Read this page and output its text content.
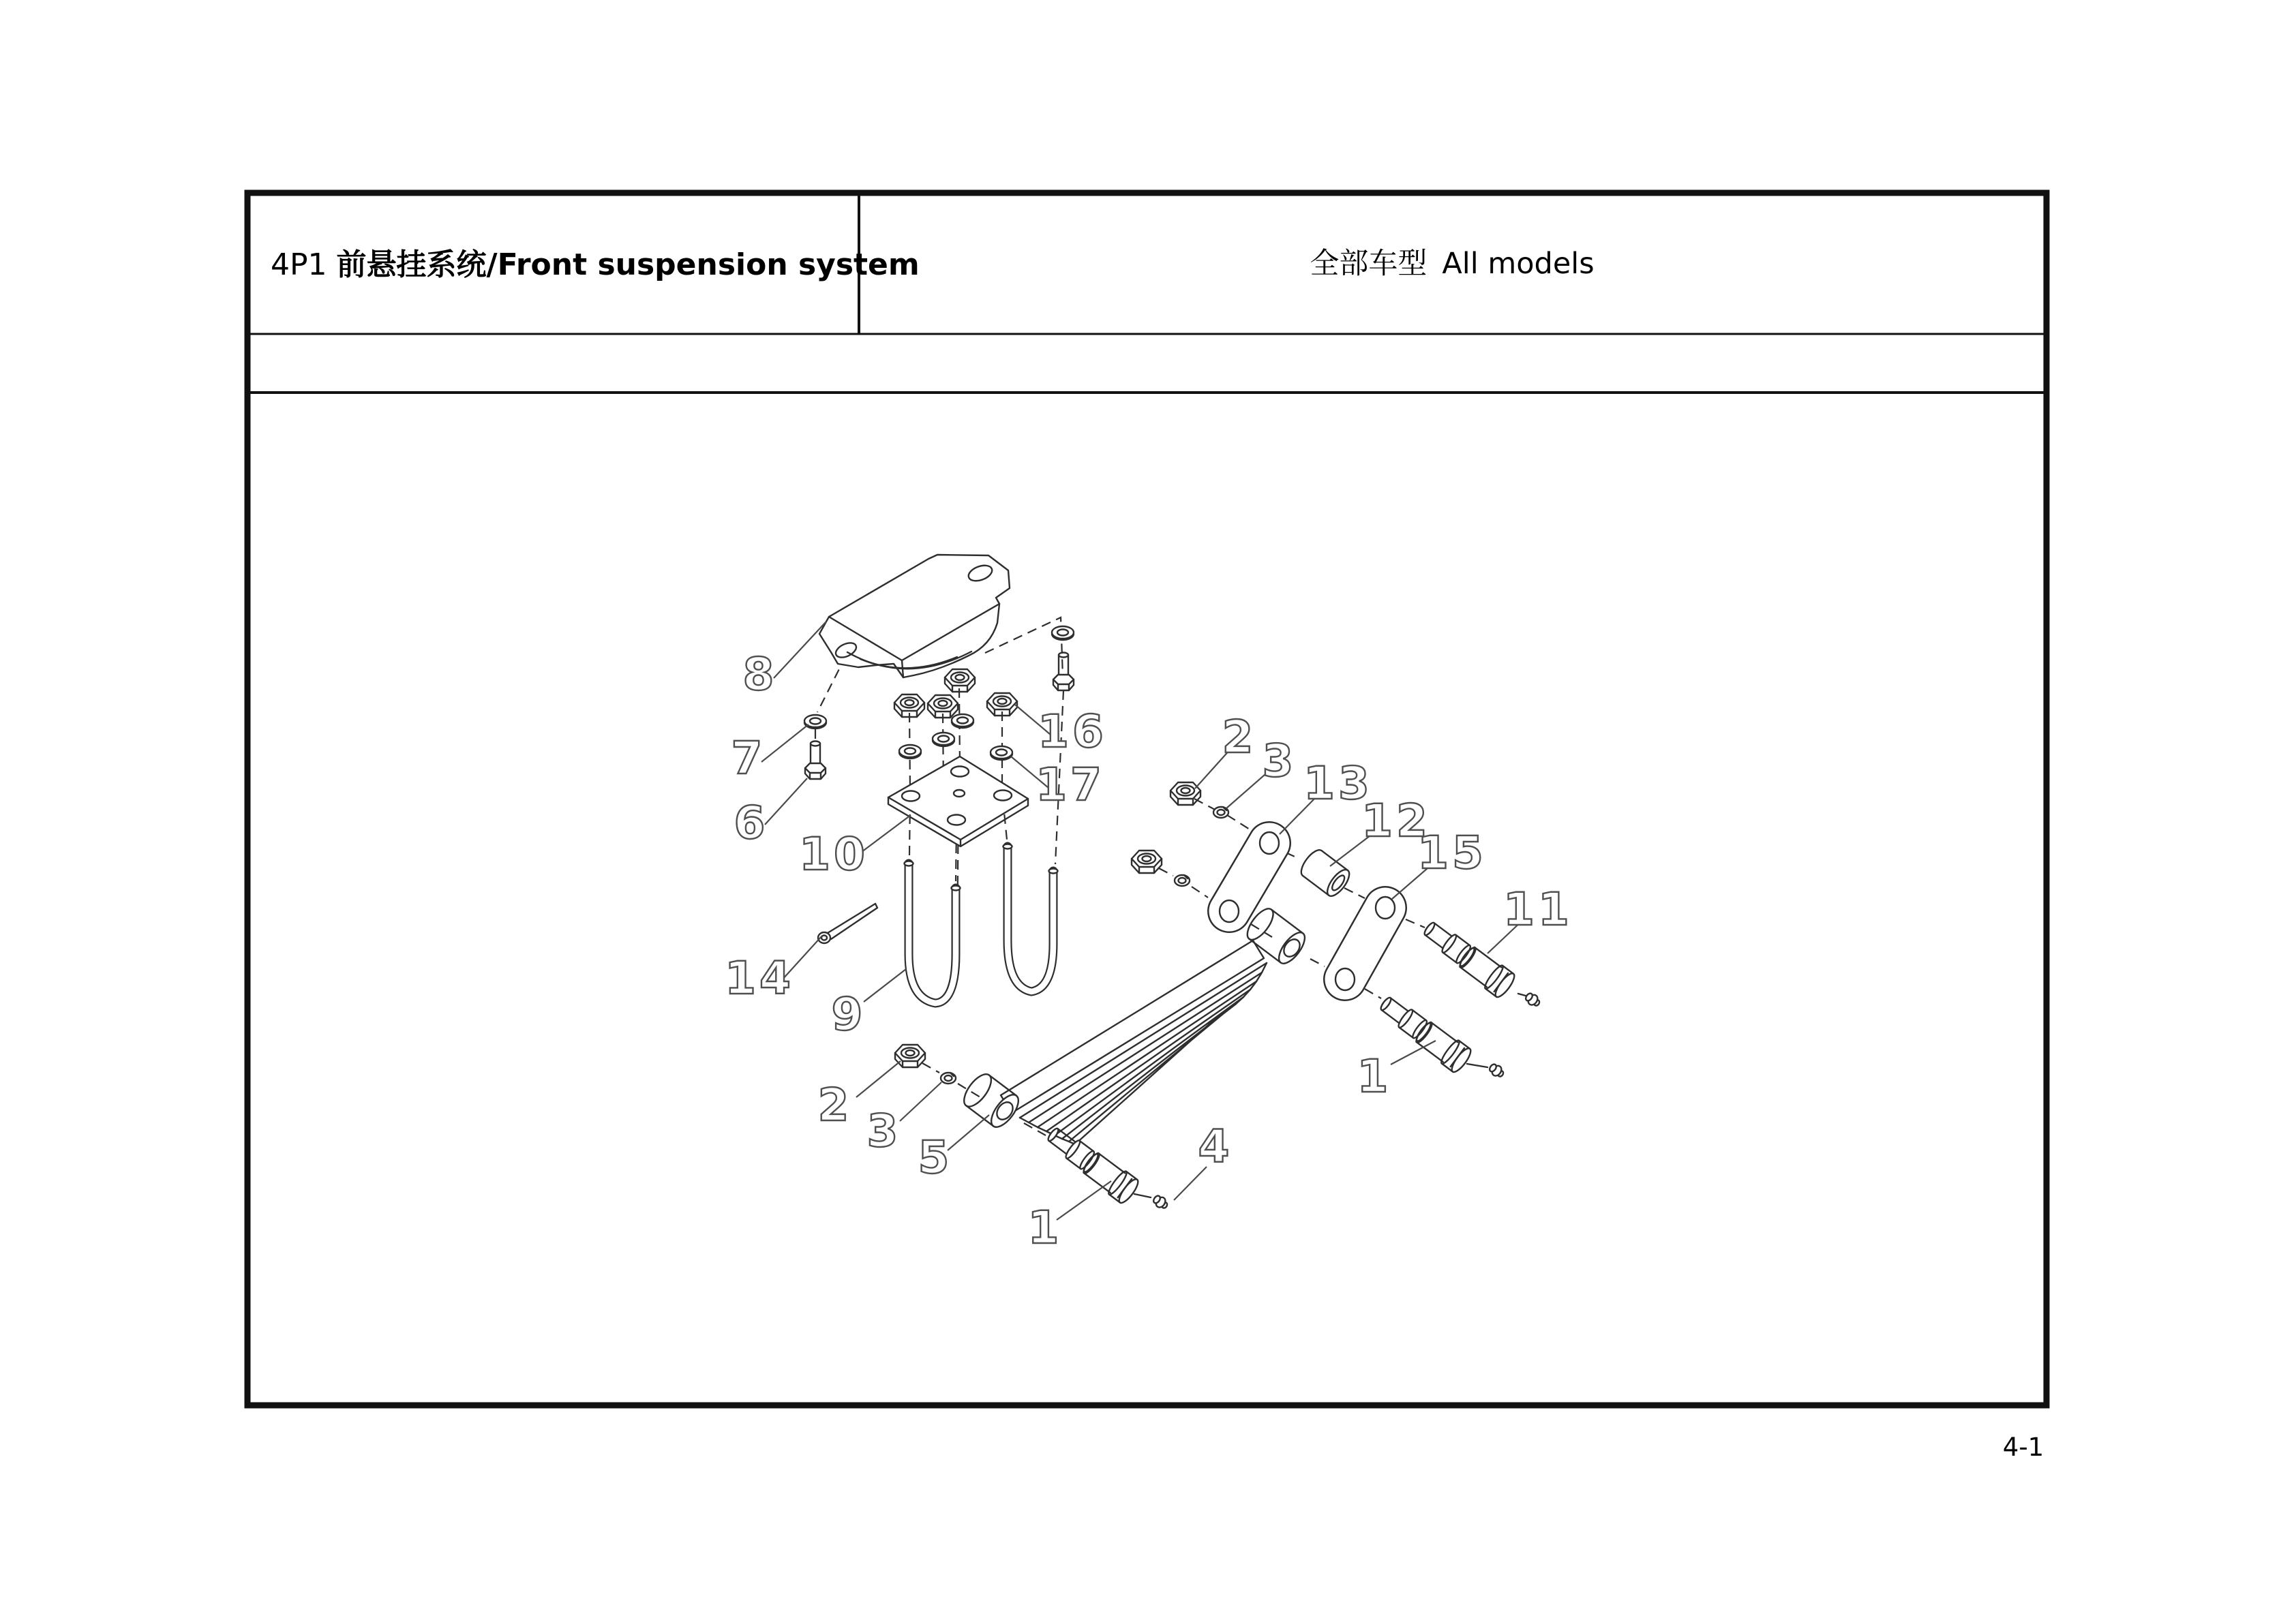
4P1 前悬挂系统/Front suspension system	全部车型 All models
8
7
6
10
16
17
2 3 13
12
15
11
14
9
2 3
5
1
4
1
4-1
